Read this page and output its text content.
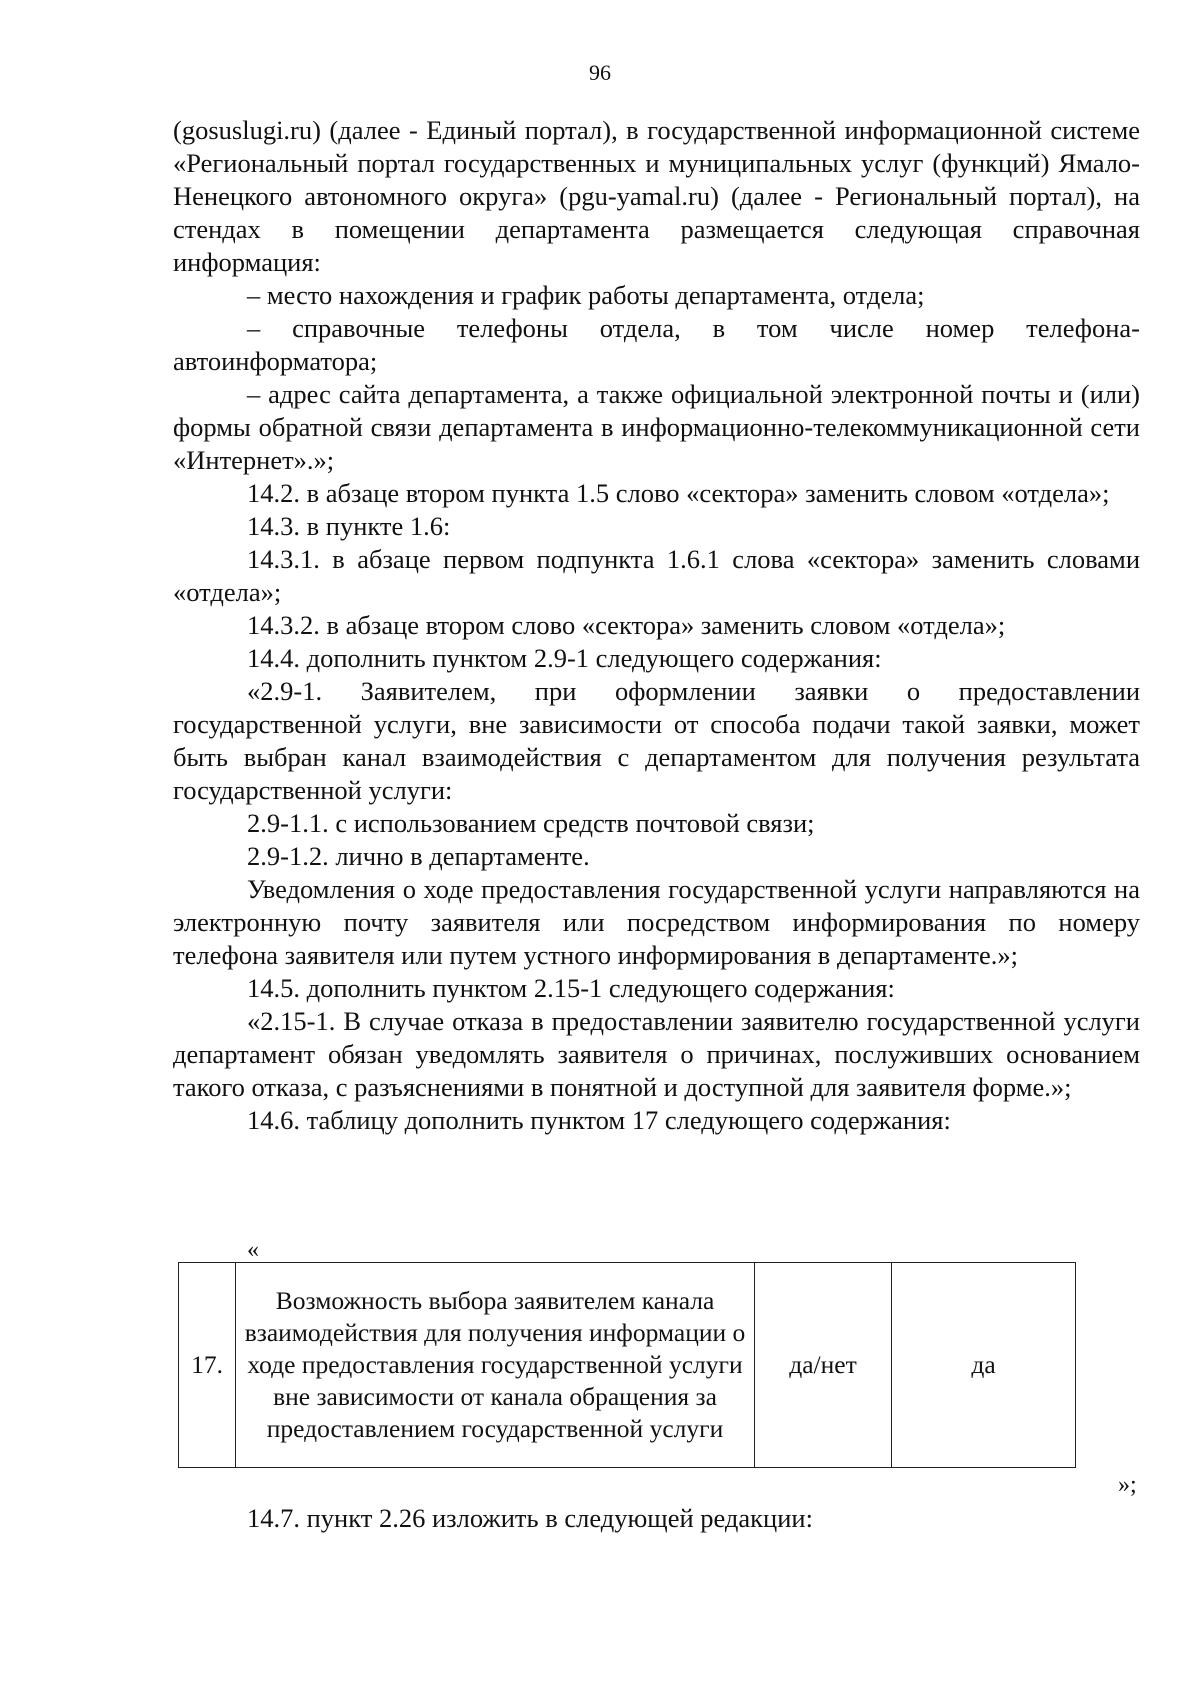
96

(gosuslugi.ru) (далее - Единый портал), в государственной информационной системе «Региональный портал государственных и муниципальных услуг (функций) Ямало-Ненецкого автономного округа» (pgu-yamal.ru) (далее - Региональный портал), на стендах в помещении департамента размещается следующая справочная информация:

– место нахождения и график работы департамента, отдела;

– справочные телефоны отдела, в том числе номер телефона-автоинформатора;

– адрес сайта департамента, а также официальной электронной почты и (или) формы обратной связи департамента в информационно-телекоммуникационной сети «Интернет».»;

14.2. в абзаце втором пункта 1.5 слово «сектора» заменить словом «отдела»;

14.3. в пункте 1.6:

14.3.1. в абзаце первом подпункта 1.6.1 слова «сектора» заменить словами «отдела»;

14.3.2. в абзаце втором слово «сектора» заменить словом «отдела»;

14.4. дополнить пунктом 2.9-1 следующего содержания:

«2.9-1. Заявителем, при оформлении заявки о предоставлении государственной услуги, вне зависимости от способа подачи такой заявки, может быть выбран канал взаимодействия с департаментом для получения результата государственной услуги:

2.9-1.1. с использованием средств почтовой связи;

2.9-1.2. лично в департаменте.

Уведомления о ходе предоставления государственной услуги направляются на электронную почту заявителя или посредством информирования по номеру телефона заявителя или путем устного информирования в департаменте.»;

14.5. дополнить пунктом 2.15-1 следующего содержания:

«2.15-1. В случае отказа в предоставлении заявителю государственной услуги департамент обязан уведомлять заявителя о причинах, послуживших основанием такого отказа, с разъяснениями в понятной и доступной для заявителя форме.»;

14.6. таблицу дополнить пунктом 17 следующего содержания:

«
17.	Возможность выбора заявителем канала взаимодействия для получения информации о ходе предоставления государственной услуги вне зависимости от канала обращения за предоставлением государственной услуги	да/нет	да
»;
14.7. пункт 2.26 изложить в следующей редакции:
